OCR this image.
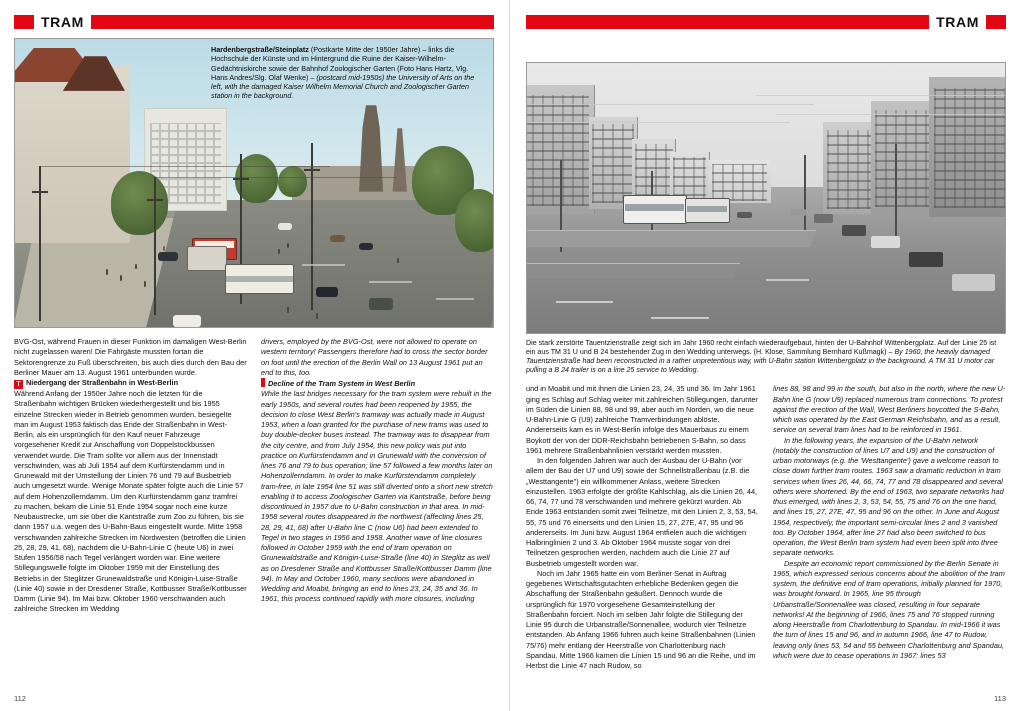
TRAM
Hardenbergstraße/Steinplatz (Postkarte Mitte der 1950er Jahre) – links die Hochschule der Künste und im Hintergrund die Ruine der Kaiser-Wilhelm-Gedächtniskirche sowie der Bahnhof Zoologischer Garten (Foto Hans Hartz, Vlg. Hans Andres/Slg. Olaf Wenke) – (postcard mid-1950s) the University of Arts on the left, with the damaged Kaiser Wilhelm Memorial Church and Zoologischer Garten station in the background.

BVG-Ost, während Frauen in dieser Funktion im damaligen West-Berlin nicht zugelassen waren! Die Fahrgäste mussten fortan die Sektorengrenze zu Fuß überschreiten, bis auch dies durch den Bau der Berliner Mauer am 13. August 1961 unterbunden wurde.

T Niedergang der Straßenbahn in West-Berlin

Während Anfang der 1950er Jahre noch die letzten für die Straßenbahn wichtigen Brücken wiederhergestellt und bis 1955 einzelne Strecken wieder in Betrieb genommen wurden, besiegelte man im August 1953 faktisch das Ende der Straßenbahn in West-Berlin, als ein ursprünglich für den Kauf neuer Fahrzeuge vorgesehener Kredit zur Anschaffung von Doppelstockbussen verwendet wurde. Die Tram sollte vor allem aus der Innenstadt verschwinden, was ab Juli 1954 auf dem Kurfürstendamm und in Grunewald mit der Umstellung der Linien 76 und 79 auf Busbetrieb auch umgesetzt wurde. Wenige Monate später folgte auch die Linie 57 auf dem Hohenzollerndamm. Um den Kurfürstendamm ganz tramfrei zu machen, bekam die Linie 51 Ende 1954 sogar noch eine kurze Neubaustrecke, um sie über die Kantstraße zum Zoo zu führen, bis sie dann 1957 u.a. wegen des U-Bahn-Baus eingestellt wurde. Mitte 1958 verschwanden zahlreiche Strecken im Nordwesten (betroffen die Linien 25, 28, 29, 41, 68), nachdem die U-Bahn-Linie C (heute U6) in zwei Stufen 1956/58 nach Tegel verlängert worden war. Eine weitere Stillegungswelle folgte im Oktober 1959 mit der Einstellung des Betriebs in der Steglitzer Grunewaldstraße und Königin-Luise-Straße (Linie 40) sowie in der Dresdener Straße, Kottbusser Straße/Kottbusser Damm (Linie 94). Im Mai bzw. Oktober 1960 verschwanden auch zahlreiche Strecken im Wedding

drivers, employed by the BVG-Ost, were not allowed to operate on western territory! Passengers therefore had to cross the sector border on foot until the erection of the Berlin Wall on 13 August 1961 put an end to this, too.

Decline of the Tram System in West Berlin

While the last bridges necessary for the tram system were rebuilt in the early 1950s, and several routes had been reopened by 1955, the decision to close West Berlin's tramway was actually made in August 1953, when a loan granted for the purchase of new trams was used to buy double-decker buses instead. The tramway was to disappear from the city centre, and from July 1954, this new policy was put into practice on Kurfürstendamm and in Grunewald with the conversion of lines 76 and 79 to bus operation; line 57 followed a few months later on Hohenzollerndamm. In order to make Kurfürstendamm completely tram-free, in late 1954 line 51 was still diverted onto a short new stretch enabling it to access Zoologischer Garten via Kantstraße, before being discontinued in 1957 due to U-Bahn construction in that area. In mid-1958 several routes disappeared in the northwest (affecting lines 25, 28, 29, 41, 68) after U-Bahn line C (now U6) had been extended to Tegel in two stages in 1956 and 1958. Another wave of line closures followed in October 1959 with the end of tram operation on Grunewaldstraße and Königin-Luise-Straße (line 40) in Steglitz as well as on Dresdener Straße and Kottbusser Straße/Kottbusser Damm (line 94). In May and October 1960, many sections were abandoned in Wedding and Moabit, bringing an end to lines 23, 24, 35 and 36. In 1961, this process continued rapidly with more closures, including

112
TRAM
Die stark zerstörte Tauentzienstraße zeigt sich im Jahr 1960 recht einfach wiederaufgebaut, hinten der U-Bahnhof Wittenbergplatz. Auf der Linie 25 ist ein aus TM 31 U und B 24 bestehender Zug in den Wedding unterwegs. (H. Klose, Sammlung Bernhard Kußmagk) – By 1960, the heavily damaged Tauentzienstraße had been reconstructed in a rather unpretentious way, with U-Bahn station Wittenbergplatz in the background. A TM 31 U motor car pulling a B 24 trailer is on a line 25 service to Wedding.

und in Moabit und mit ihnen die Linien 23, 24, 35 und 36. Im Jahr 1961 ging es Schlag auf Schlag weiter mit zahlreichen Stillegungen, darunter im Süden die Linien 88, 98 und 99, aber auch im Norden, wo die neue U-Bahn-Linie G (U9) zahlreiche Tramverbindungen ablöste. Andererseits kam es in West-Berlin infolge des Mauerbaus zu einem Boykott der von der DDR-Reichsbahn betriebenen S-Bahn, so dass 1961 mehrere Straßenbahnlinien verstärkt werden mussten.

In den folgenden Jahren war auch der Ausbau der U-Bahn (vor allem der Bau der U7 und U9) sowie der Schnellstraßenbau (z.B. die „Westtangente") ein willkommener Anlass, weitere Strecken einzustellen. 1963 erfolgte der größte Kahlschlag, als die Linien 26, 44, 66, 74, 77 und 78 verschwanden und mehrere gekürzt wurden. Ab Ende 1963 entstanden somit zwei Teilnetze, mit den Linien 2, 3, 53, 54, 55, 75 und 76 einerseits und den Linien 15, 27, 27E, 47, 95 und 96 andererseits. Im Juni bzw. August 1964 entfielen auch die wichtigen Halbringlinien 2 und 3. Ab Oktober 1964 musste sogar von drei Teilnetzen gesprochen werden, nachdem auch die Linie 27 auf Busbetrieb umgestellt worden war.

Noch im Jahr 1965 hatte ein vom Berliner Senat in Auftrag gegebenes Wirtschaftsgutachten erhebliche Bedenken gegen die Abschaffung der Straßenbahn geäußert. Dennoch wurde die ursprünglich für 1970 vorgesehene Gesamteinstellung der Straßenbahn forciert. Noch im selben Jahr folgte die Stillegung der Linie 95 durch die Urbanstraße/Sonnenallee, wodurch vier Teilnetze entstanden. Ab Anfang 1966 fuhren auch keine Straßenbahnen (Linien 75/76) mehr entlang der Heerstraße von Charlottenburg nach Spandau. Mitte 1966 kamen die Linien 15 und 96 an die Reihe, und im Herbst die Linie 47 nach Rudow, so

lines 88, 98 and 99 in the south, but also in the north, where the new U-Bahn line G (now U9) replaced numerous tram connections. To protest against the erection of the Wall, West Berliners boycotted the S-Bahn, which was operated by the East German Reichsbahn, and as a result, service on several tram lines had to be reinforced in 1961.

In the following years, the expansion of the U-Bahn network (notably the construction of lines U7 and U9) and the construction of urban motorways (e.g. the 'Westtangente') gave a welcome reason to close down further tram routes. 1963 saw a dramatic reduction in tram services when lines 26, 44, 66, 74, 77 and 78 disappeared and several others were shortened. By the end of 1963, two separate networks had thus emerged, with lines 2, 3, 53, 54, 55, 75 and 76 on the one hand, and lines 15, 27, 27E, 47, 95 and 96 on the other. In June and August 1964, respectively, the important semi-circular lines 2 and 3 vanished too. By October 1964, after line 27 had also been switched to bus operation, the West Berlin tram system had even been split into three separate networks.

Despite an economic report commissioned by the Berlin Senate in 1965, which expressed serious concerns about the abolition of the tram system, the definitive end of tram operations, initially planned for 1970, was brought forward. In 1965, line 95 through Urbanstraße/Sonnenallee was closed, resulting in four separate networks! At the beginning of 1966, lines 75 and 76 stopped running along Heerstraße from Charlottenburg to Spandau. In mid-1966 it was the turn of lines 15 and 96, and in autumn 1966, line 47 to Rudow, leaving only lines 53, 54 and 55 between Charlottenburg and Spandau, which were due to cease operations in 1967: lines 53

113
